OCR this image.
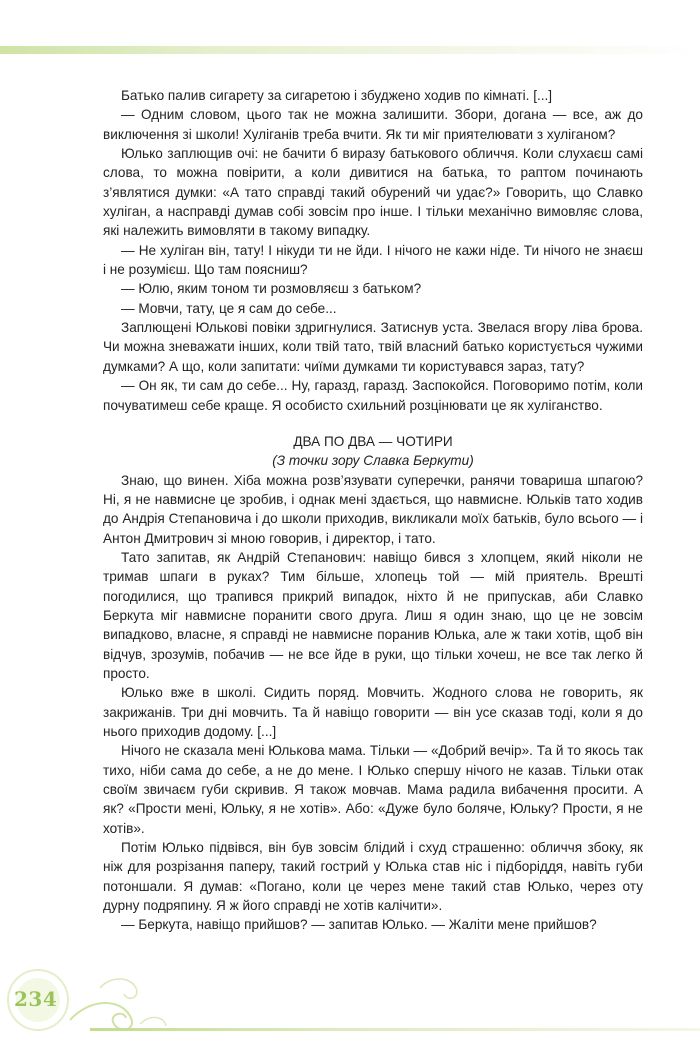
Батько палив сигарету за сигаретою і збуджено ходив по кімнаті. [...]

— Одним словом, цього так не можна залишити. Збори, догана — все, аж до виключення зі школи! Хуліганів треба вчити. Як ти міг приятелювати з хуліганом?

Юлько заплющив очі: не бачити б виразу батькового обличчя. Коли слухаєш самі слова, то можна повірити, а коли дивитися на батька, то раптом починають з’являтися думки: «А тато справді такий обурений чи удає?» Говорить, що Славко хуліган, а насправді думав собі зовсім про інше. І тільки механічно вимовляє слова, які належить вимовляти в такому випадку.

— Не хуліган він, тату! І нікуди ти не йди. І нічого не кажи ніде. Ти нічого не знаєш і не розумієш. Що там поясниш?

— Юлю, яким тоном ти розмовляєш з батьком?

— Мовчи, тату, це я сам до себе...

Заплющені Юлькові повіки здригнулися. Затиснув уста. Звелася вгору ліва брова. Чи можна зневажати інших, коли твій тато, твій власний батько користується чужими думками? А що, коли запитати: чиїми думками ти користувався зараз, тату?

— Он як, ти сам до себе... Ну, гаразд, гаразд. Заспокойся. Поговоримо потім, коли почуватимеш себе краще. Я особисто схильний розцінювати це як хуліганство.

ДВА ПО ДВА — ЧОТИРИ

(З точки зору Славка Беркути)

Знаю, що винен. Хіба можна розв’язувати суперечки, ранячи товариша шпагою? Ні, я не навмисне це зробив, і однак мені здається, що навмисне. Юльків тато ходив до Андрія Степановича і до школи приходив, викликали моїх батьків, було всього — і Антон Дмитрович зі мною говорив, і директор, і тато.

Тато запитав, як Андрій Степанович: навіщо бився з хлопцем, який ніколи не тримав шпаги в руках? Тим більше, хлопець той — мій приятель. Врешті погодилися, що трапився прикрий випадок, ніхто й не припускав, аби Славко Беркута міг навмисне поранити свого друга. Лиш я один знаю, що це не зовсім випадково, власне, я справді не навмисне поранив Юлька, але ж таки хотів, щоб він відчув, зрозумів, побачив — не все йде в руки, що тільки хочеш, не все так легко й просто.

Юлько вже в школі. Сидить поряд. Мовчить. Жодного слова не говорить, як закрижанів. Три дні мовчить. Та й навіщо говорити — він усе сказав тоді, коли я до нього приходив додому. [...]

Нічого не сказала мені Юлькова мама. Тільки — «Добрий вечір». Та й то якось так тихо, ніби сама до себе, а не до мене. І Юлько спершу нічого не казав. Тільки отак своїм звичаєм губи скривив. Я також мовчав. Мама радила вибачення просити. А як? «Прости мені, Юльку, я не хотів». Або: «Дуже було боляче, Юльку? Прости, я не хотів».

Потім Юлько підвівся, він був зовсім блідий і схуд страшенно: обличчя збоку, як ніж для розрізання паперу, такий гострий у Юлька став ніс і підборіддя, навіть губи потоншали. Я думав: «Погано, коли це через мене такий став Юлько, через оту дурну подряпину. Я ж його справді не хотів калічити».

— Беркута, навіщо прийшов? — запитав Юлько. — Жаліти мене прийшов?

234
